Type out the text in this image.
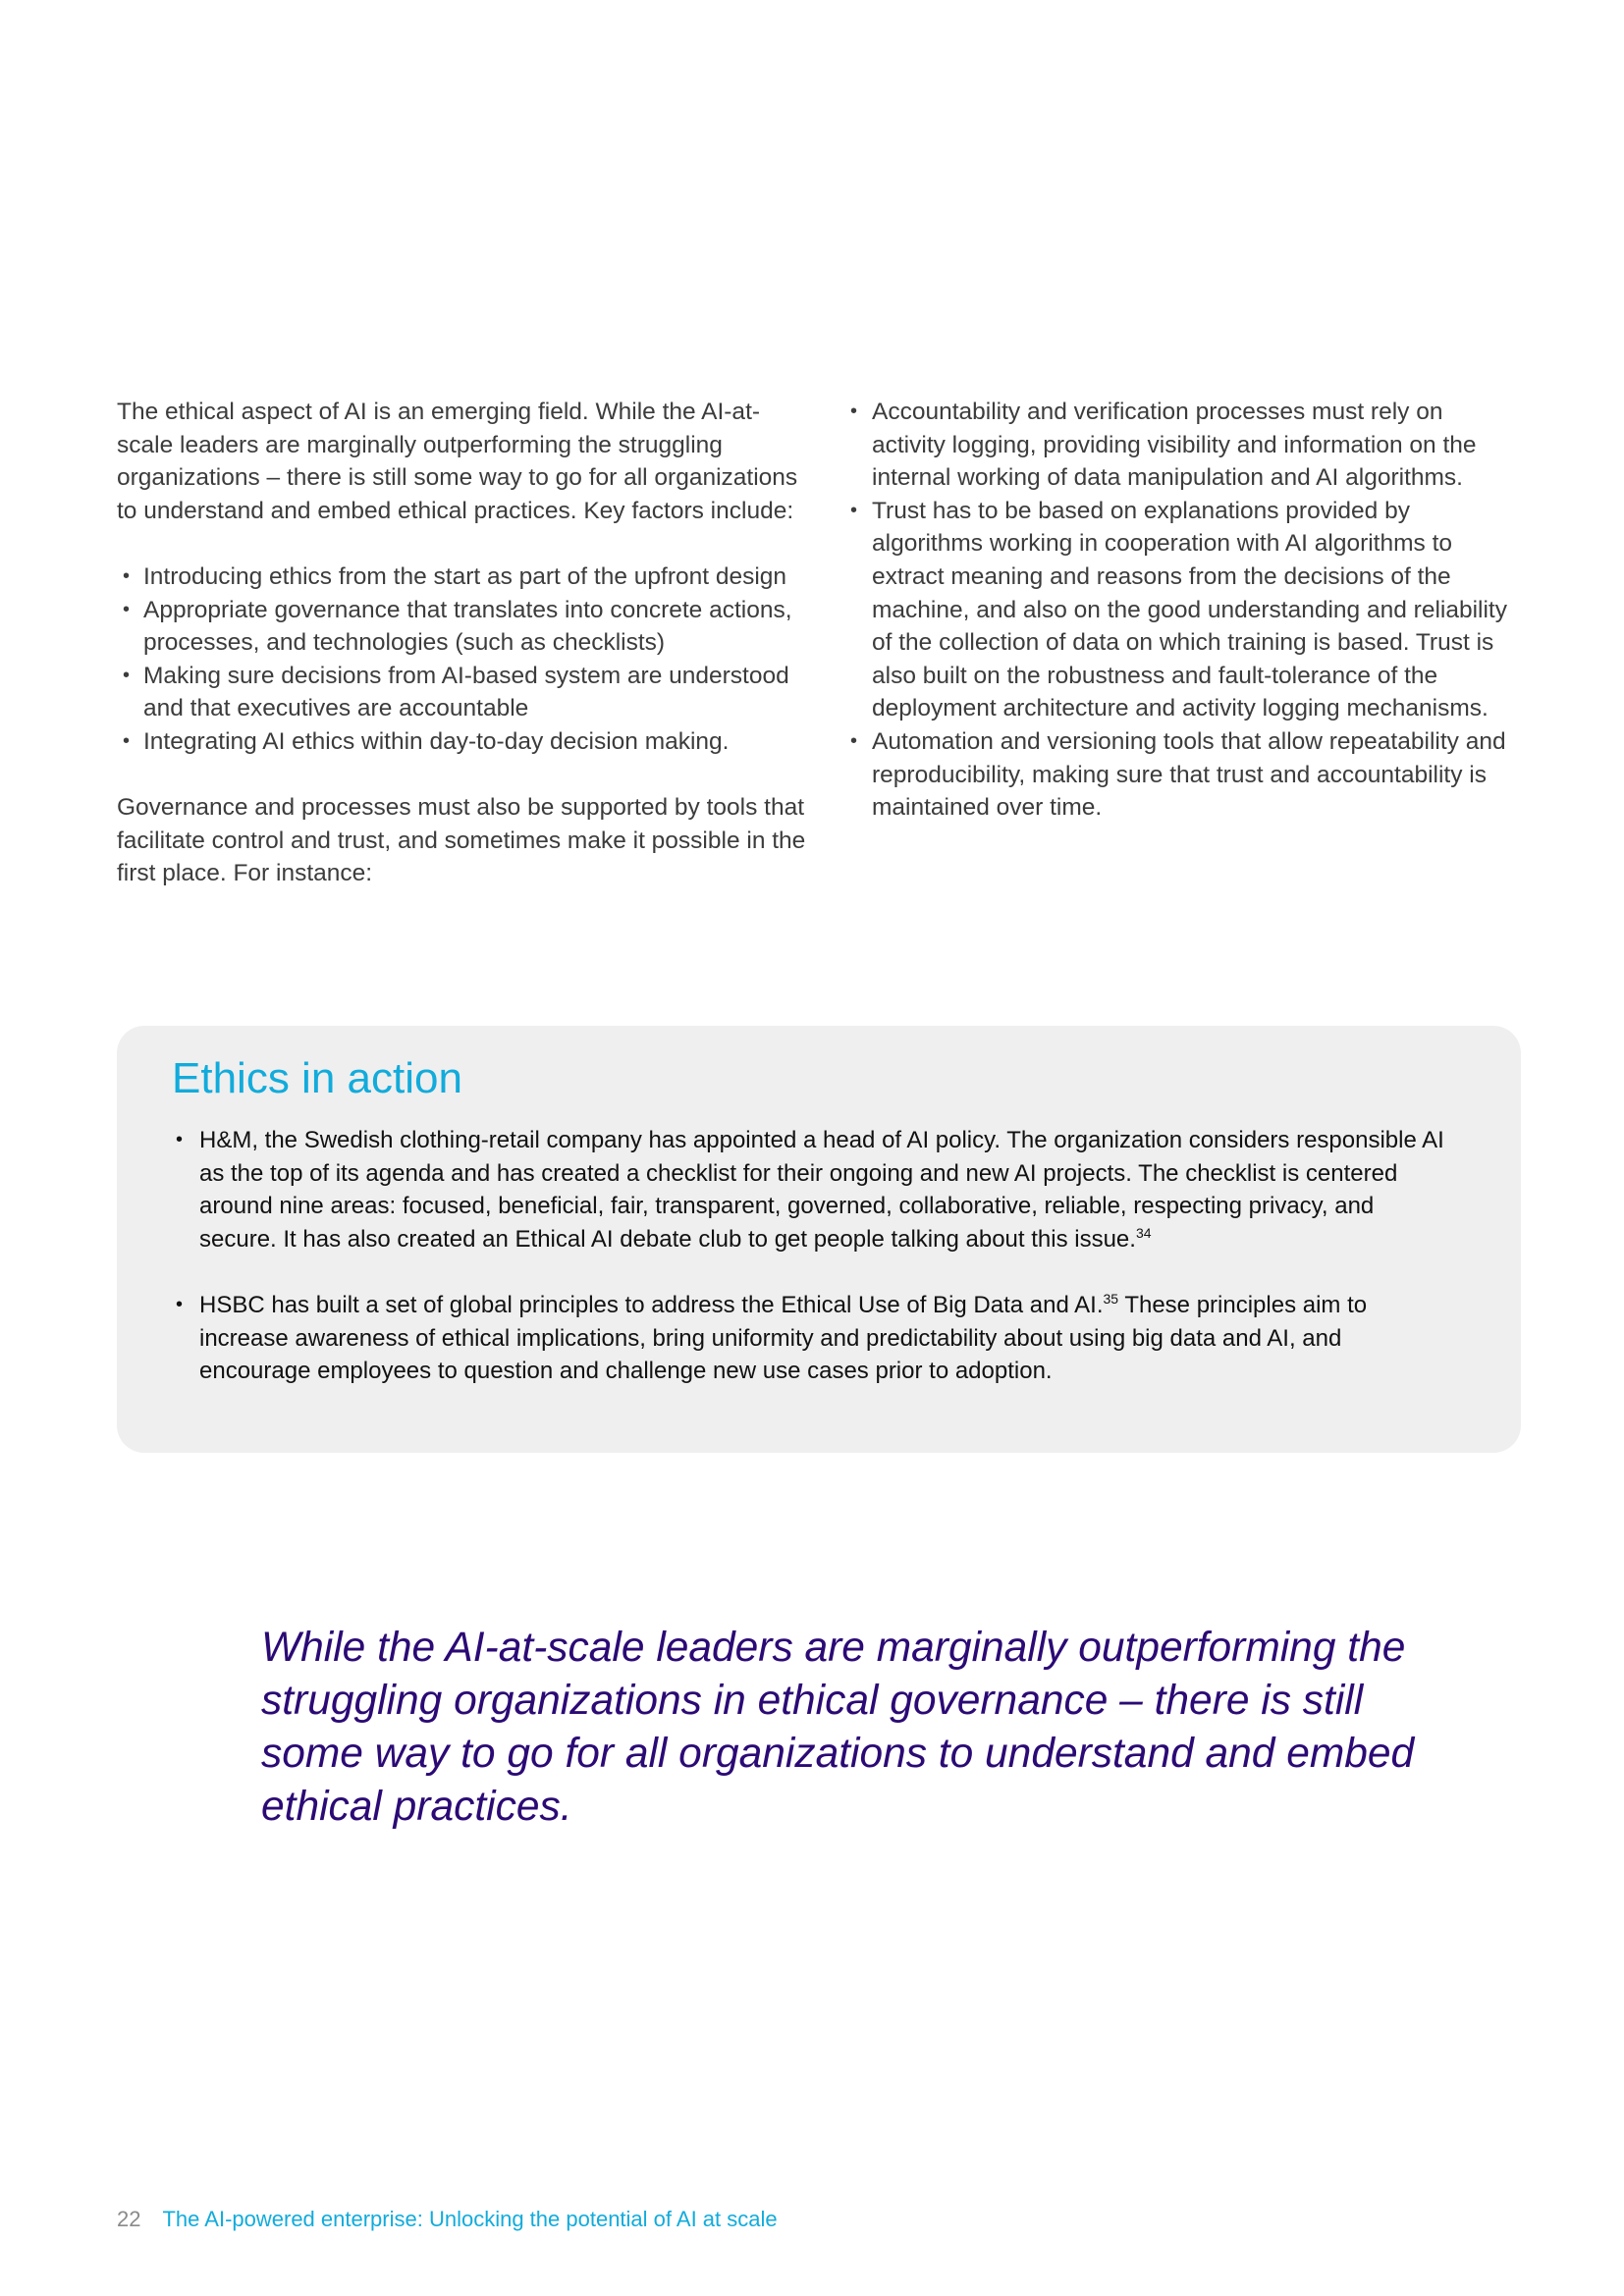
The ethical aspect of AI is an emerging field. While the AI-at-scale leaders are marginally outperforming the struggling organizations – there is still some way to go for all organizations to understand and embed ethical practices. Key factors include:

• Introducing ethics from the start as part of the upfront design
• Appropriate governance that translates into concrete actions, processes, and technologies (such as checklists)
• Making sure decisions from AI-based system are understood and that executives are accountable
• Integrating AI ethics within day-to-day decision making.

Governance and processes must also be supported by tools that facilitate control and trust, and sometimes make it possible in the first place. For instance:

• Accountability and verification processes must rely on activity logging, providing visibility and information on the internal working of data manipulation and AI algorithms.
• Trust has to be based on explanations provided by algorithms working in cooperation with AI algorithms to extract meaning and reasons from the decisions of the machine, and also on the good understanding and reliability of the collection of data on which training is based. Trust is also built on the robustness and fault-tolerance of the deployment architecture and activity logging mechanisms.
• Automation and versioning tools that allow repeatability and reproducibility, making sure that trust and accountability is maintained over time.
Ethics in action
• H&M, the Swedish clothing-retail company has appointed a head of AI policy. The organization considers responsible AI as the top of its agenda and has created a checklist for their ongoing and new AI projects. The checklist is centered around nine areas: focused, beneficial, fair, transparent, governed, collaborative, reliable, respecting privacy, and secure. It has also created an Ethical AI debate club to get people talking about this issue.$^{34}$
• HSBC has built a set of global principles to address the Ethical Use of Big Data and AI.$^{35}$ These principles aim to increase awareness of ethical implications, bring uniformity and predictability about using big data and AI, and encourage employees to question and challenge new use cases prior to adoption.

While the AI-at-scale leaders are marginally outperforming the struggling organizations in ethical governance – there is still some way to go for all organizations to understand and embed ethical practices.

22 The AI-powered enterprise: Unlocking the potential of AI at scale
